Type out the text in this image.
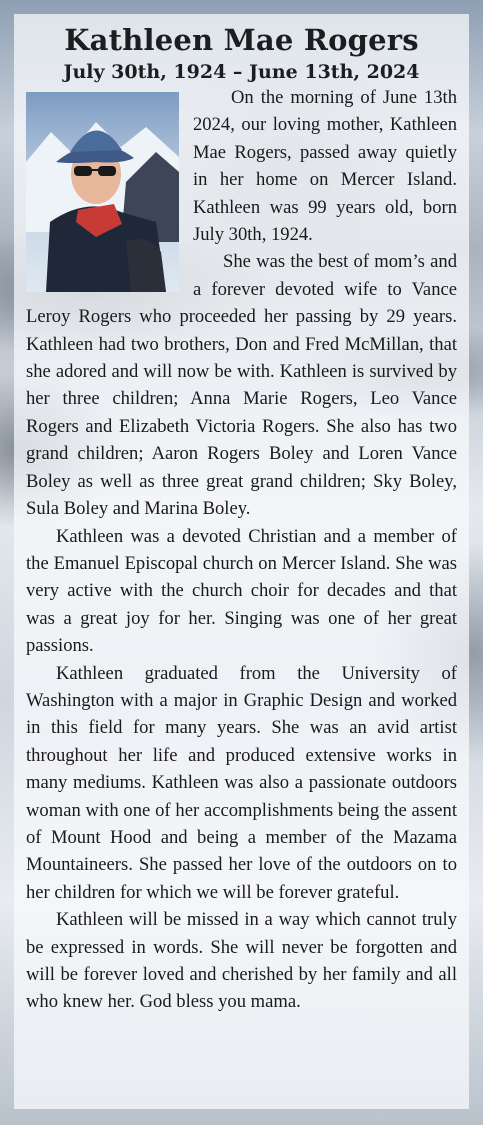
Kathleen Mae Rogers
July 30th, 1924 – June 13th, 2024

On the morning of June 13th 2024, our loving mother, Kathleen Mae Rogers, passed away quietly in her home on Mercer Island. Kathleen was 99 years old, born July 30th, 1924.

She was the best of mom’s and a forever devoted wife to Vance Leroy Rogers who proceeded her passing by 29 years. Kathleen had two brothers, Don and Fred McMillan, that she adored and will now be with. Kathleen is survived by her three children; Anna Marie Rogers, Leo Vance Rogers and Elizabeth Victoria Rogers. She also has two grand children; Aaron Rogers Boley and Loren Vance Boley as well as three great grand children; Sky Boley, Sula Boley and Marina Boley.

Kathleen was a devoted Christian and a member of the Emanuel Episcopal church on Mercer Island. She was very active with the church choir for decades and that was a great joy for her. Singing was one of her great passions.

Kathleen graduated from the University of Washington with a major in Graphic Design and worked in this field for many years. She was an avid artist throughout her life and produced extensive works in many mediums. Kathleen was also a passionate outdoors woman with one of her accomplishments being the assent of Mount Hood and being a member of the Mazama Mountaineers. She passed her love of the outdoors on to her children for which we will be forever grateful.

Kathleen will be missed in a way which cannot truly be expressed in words. She will never be forgotten and will be forever loved and cherished by her family and all who knew her. God bless you mama.
